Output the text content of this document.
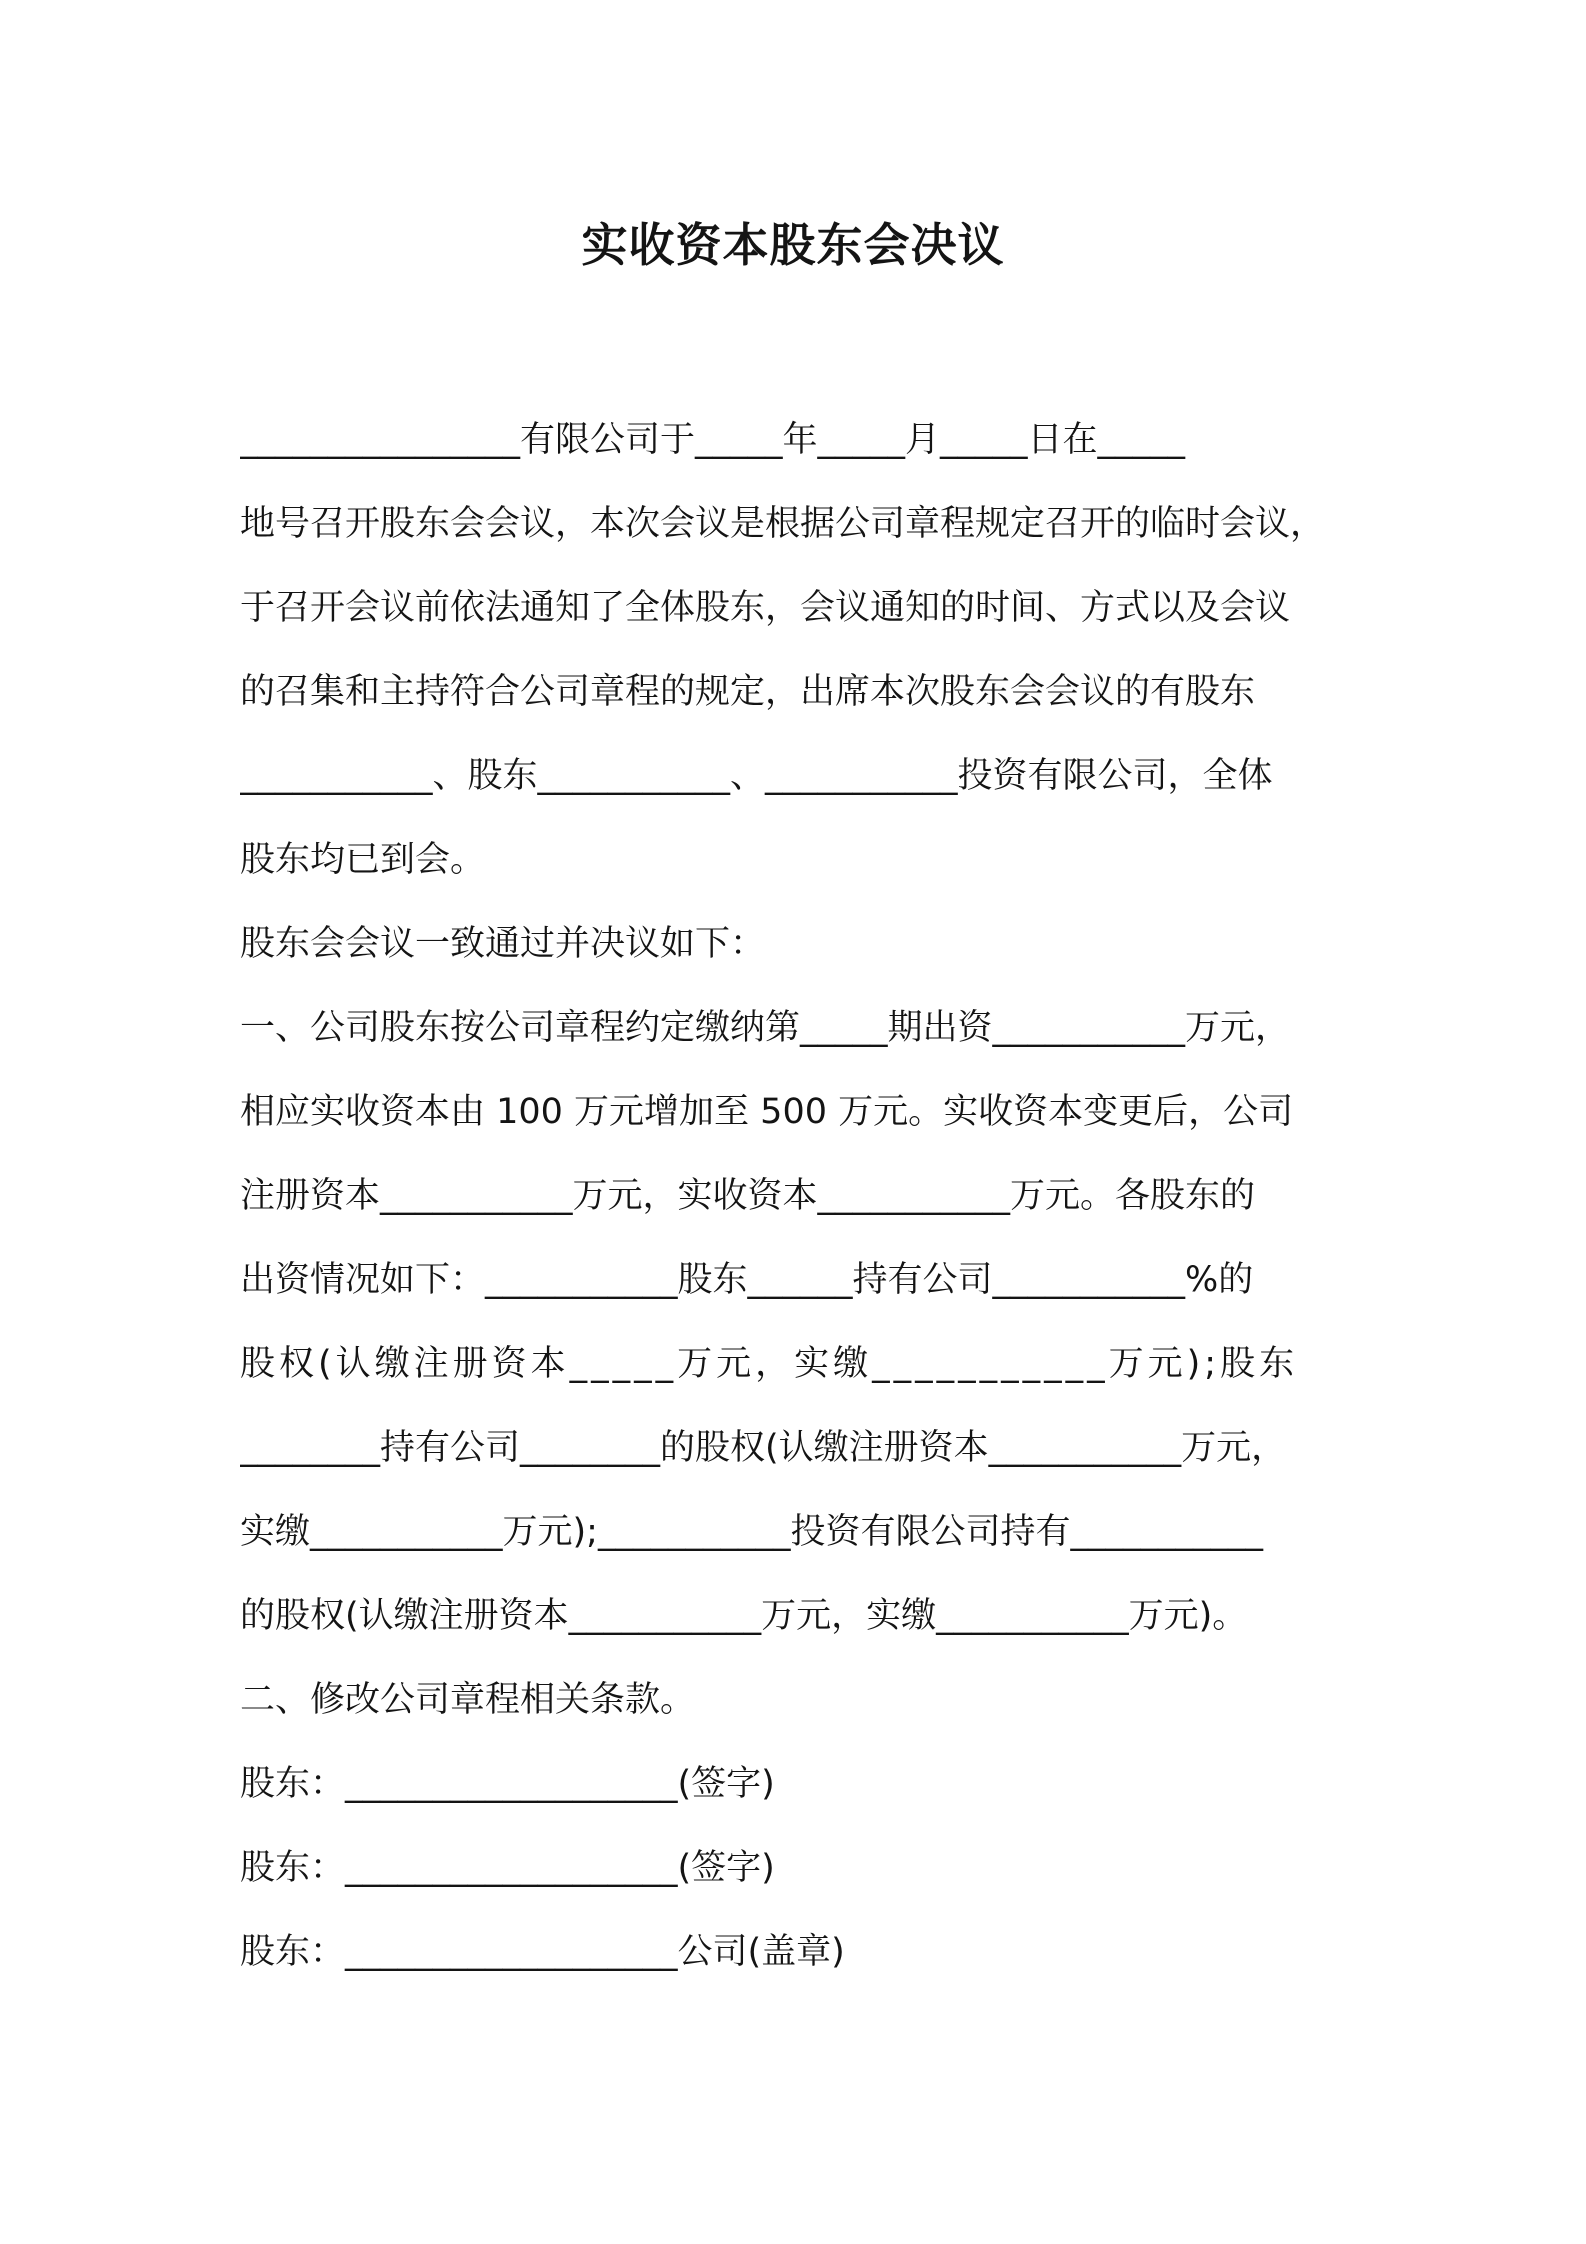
实收资本股东会决议
________________有限公司于_____年_____月_____日在_____
地号召开股东会会议，本次会议是根据公司章程规定召开的临时会议，
于召开会议前依法通知了全体股东，会议通知的时间、方式以及会议
的召集和主持符合公司章程的规定，出席本次股东会会议的有股东
___________、股东___________、___________投资有限公司，全体
股东均已到会。
股东会会议一致通过并决议如下：
一、公司股东按公司章程约定缴纳第_____期出资___________万元，
相应实收资本由 100 万元增加至 500 万元。实收资本变更后，公司
注册资本___________万元，实收资本___________万元。各股东的
出资情况如下：___________股东______持有公司___________%的
股权(认缴注册资本_____万元，实缴___________万元);股东
________持有公司________的股权(认缴注册资本___________万元，
实缴___________万元);___________投资有限公司持有___________
的股权(认缴注册资本___________万元，实缴___________万元)。
二、修改公司章程相关条款。
股东：___________________(签字)
股东：___________________(签字)
股东：___________________公司(盖章)
